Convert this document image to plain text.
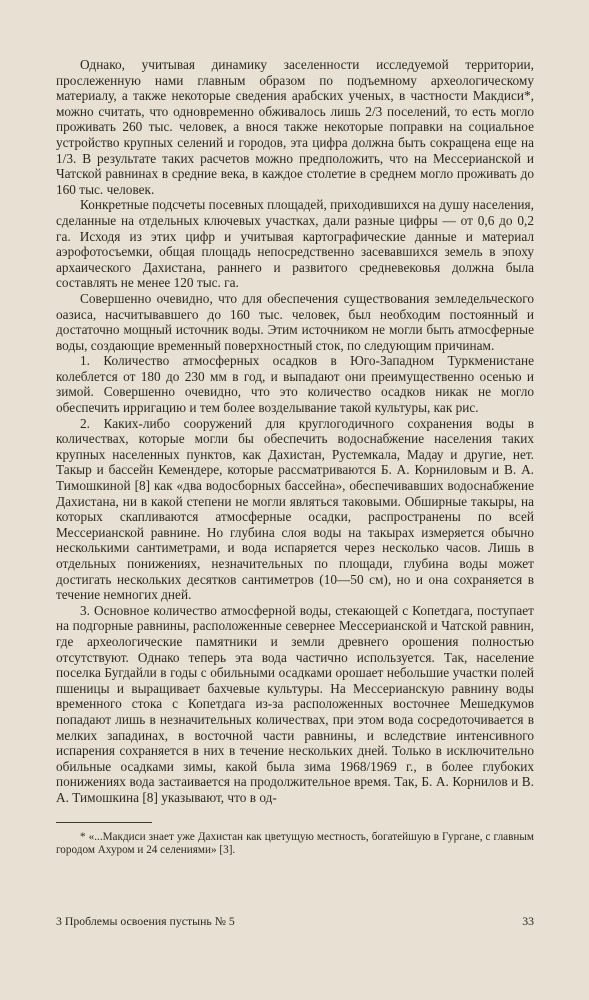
Однако, учитывая динамику заселенности исследуемой территории, прослеженную нами главным образом по подъемному археологическому материалу, а также некоторые сведения арабских ученых, в частности Макдиси*, можно считать, что одновременно обживалось лишь 2/3 поселений, то есть могло проживать 260 тыс. человек, а внося также некоторые поправки на социальное устройство крупных селений и городов, эта цифра должна быть сокращена еще на 1/3. В результате таких расчетов можно предположить, что на Мессерианской и Чатской равнинах в средние века, в каждое столетие в среднем могло проживать до 160 тыс. человек.

Конкретные подсчеты посевных площадей, приходившихся на душу населения, сделанные на отдельных ключевых участках, дали разные цифры — от 0,6 до 0,2 га. Исходя из этих цифр и учитывая картографические данные и материал аэрофотосъемки, общая площадь непосредственно засевавшихся земель в эпоху архаического Дахистана, раннего и развитого средневековья должна была составлять не менее 120 тыс. га.

Совершенно очевидно, что для обеспечения существования земледельческого оазиса, насчитывавшего до 160 тыс. человек, был необходим постоянный и достаточно мощный источник воды. Этим источником не могли быть атмосферные воды, создающие временный поверхностный сток, по следующим причинам.

1. Количество атмосферных осадков в Юго-Западном Туркменистане колеблется от 180 до 230 мм в год, и выпадают они преимущественно осенью и зимой. Совершенно очевидно, что это количество осадков никак не могло обеспечить ирригацию и тем более возделывание такой культуры, как рис.

2. Каких-либо сооружений для круглогодичного сохранения воды в количествах, которые могли бы обеспечить водоснабжение населения таких крупных населенных пунктов, как Дахистан, Рустемкала, Мадау и другие, нет. Такыр и бассейн Кемендере, которые рассматриваются Б. А. Корниловым и В. А. Тимошкиной [8] как «два водосборных бассейна», обеспечивавших водоснабжение Дахистана, ни в какой степени не могли являться таковыми. Обширные такыры, на которых скапливаются атмосферные осадки, распространены по всей Мессерианской равнине. Но глубина слоя воды на такырах измеряется обычно несколькими сантиметрами, и вода испаряется через несколько часов. Лишь в отдельных понижениях, незначительных по площади, глубина воды может достигать нескольких десятков сантиметров (10—50 см), но и она сохраняется в течение немногих дней.

3. Основное количество атмосферной воды, стекающей с Копетдага, поступает на подгорные равнины, расположенные севернее Мессерианской и Чатской равнин, где археологические памятники и земли древнего орошения полностью отсутствуют. Однако теперь эта вода частично используется. Так, население поселка Бугдайли в годы с обильными осадками орошает небольшие участки полей пшеницы и выращивает бахчевые культуры. На Мессерианскую равнину воды временного стока с Копетдага из-за расположенных восточнее Мешедкумов попадают лишь в незначительных количествах, при этом вода сосредоточивается в мелких западинах, в восточной части равнины, и вследствие интенсивного испарения сохраняется в них в течение нескольких дней. Только в исключительно обильные осадками зимы, какой была зима 1968/1969 г., в более глубоких понижениях вода застаивается на продолжительное время. Так, Б. А. Корнилов и В. А. Тимошкина [8] указывают, что в од-

* «...Макдиси знает уже Дахистан как цветущую местность, богатейшую в Гургане, с главным городом Ахуром и 24 селениями» [3].

3 Проблемы освоения пустынь № 5	33
